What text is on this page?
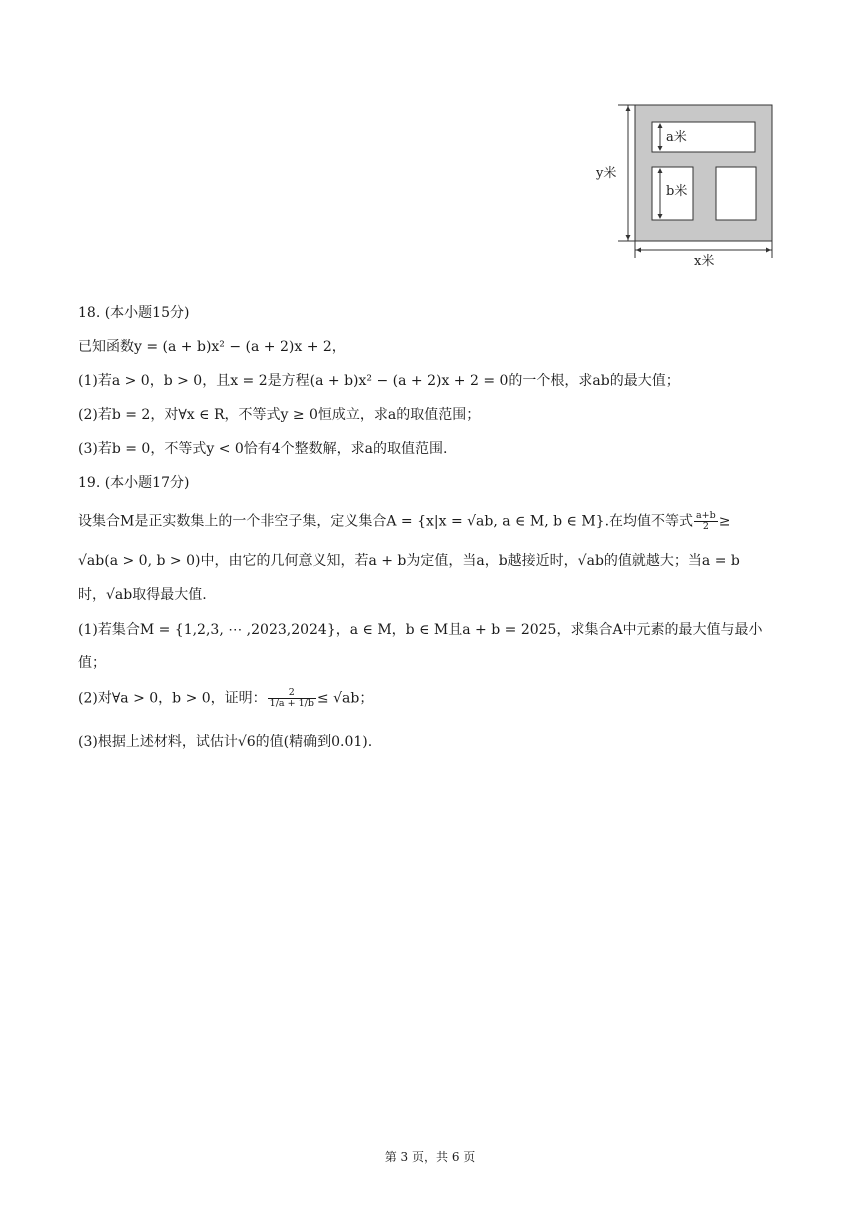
a米
b米
y米
x米
18. (本小题15分)
已知函数y = (a + b)x² − (a + 2)x + 2，
(1)若a > 0，b > 0，且x = 2是方程(a + b)x² − (a + 2)x + 2 = 0的一个根，求ab的最大值；
(2)若b = 2，对∀x ∈ R，不等式y ≥ 0恒成立，求a的取值范围；
(3)若b = 0，不等式y < 0恰有4个整数解，求a的取值范围.
19. (本小题17分)
设集合M是正实数集上的一个非空子集，定义集合A = {x|x = √ab, a ∈ M, b ∈ M}.在均值不等式 $\frac{a+b}{2}$ ≥
√ab(a > 0, b > 0)中，由它的几何意义知，若a + b为定值，当a，b越接近时，√ab的值就越大；当a = b
时，√ab取得最大值.
(1)若集合M = {1,2,3, ⋯ ,2023,2024}，a ∈ M，b ∈ M且a + b = 2025，求集合A中元素的最大值与最小
值；
(2)对∀a > 0，b > 0，证明： $\frac{2}{1/a + 1/b} \le √ab$；
(3)根据上述材料，试估计√6的值(精确到0.01).
第 3 页，共 6 页
